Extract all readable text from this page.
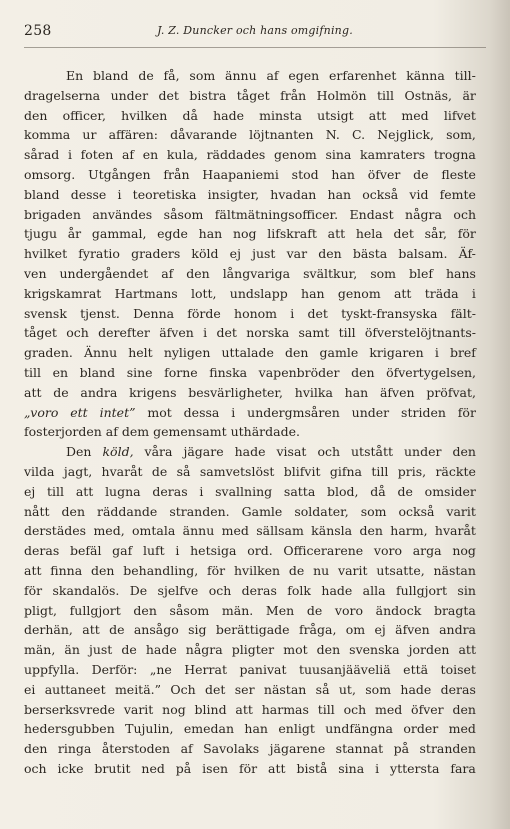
258	J. Z. Duncker och hans omgifning.
En bland de få, som ännu af egen erfarenhet känna till-
dragelserna under det bistra tåget från Holmön till Ostnäs, är
den officer, hvilken då hade minsta utsigt att med lifvet
komma ur affären: dåvarande löjtnanten N. C. Nejglick, som,
sårad i foten af en kula, räddades genom sina kamraters trogna
omsorg. Utgången från Haapaniemi stod han öfver de fleste
bland desse i teoretiska insigter, hvadan han också vid femte
brigaden användes såsom fältmätningsofficer. Endast några och
tjugu år gammal, egde han nog lifskraft att hela det sår, för
hvilket fyratio graders köld ej just var den bästa balsam. Äf-
ven undergåendet af den långvariga svältkur, som blef hans
krigskamrat Hartmans lott, undslapp han genom att träda i
svensk tjenst. Denna förde honom i det tyskt-fransyska fält-
tåget och derefter äfven i det norska samt till öfverstelöjtnants-
graden. Ännu helt nyligen uttalade den gamle krigaren i bref
till en bland sine forne finska vapenbröder den öfvertygelsen,
att de andra krigens besvärligheter, hvilka han äfven pröfvat,
„voro ett intet” mot dessa i undergmsåren under striden för
fosterjorden af dem gemensamt uthärdade.
Den köld, våra jägare hade visat och utstått under den
vilda jagt, hvaråt de så samvetslöst blifvit gifna till pris, räckte
ej till att lugna deras i svallning satta blod, då de omsider
nått den räddande stranden. Gamle soldater, som också varit
derstädes med, omtala ännu med sällsam känsla den harm, hvaråt
deras befäl gaf luft i hetsiga ord. Officerarene voro arga nog
att finna den behandling, för hvilken de nu varit utsatte, nästan
för skandalös. De sjelfve och deras folk hade alla fullgjort sin
pligt, fullgjort den såsom män. Men de voro ändock bragta
derhän, att de ansågo sig berättigade fråga, om ej äfven andra
män, än just de hade några pligter mot den svenska jorden att
uppfylla. Derför: „ne Herrat panivat tuusanjääveliä että toiset
ei auttaneet meitä.” Och det ser nästan så ut, som hade deras
berserksvrede varit nog blind att harmas till och med öfver den
hedersgubben Tujulin, emedan han enligt undfängna order med
den ringa återstoden af Savolaks jägarene stannat på stranden
och icke brutit ned på isen för att bistå sina i yttersta fara
